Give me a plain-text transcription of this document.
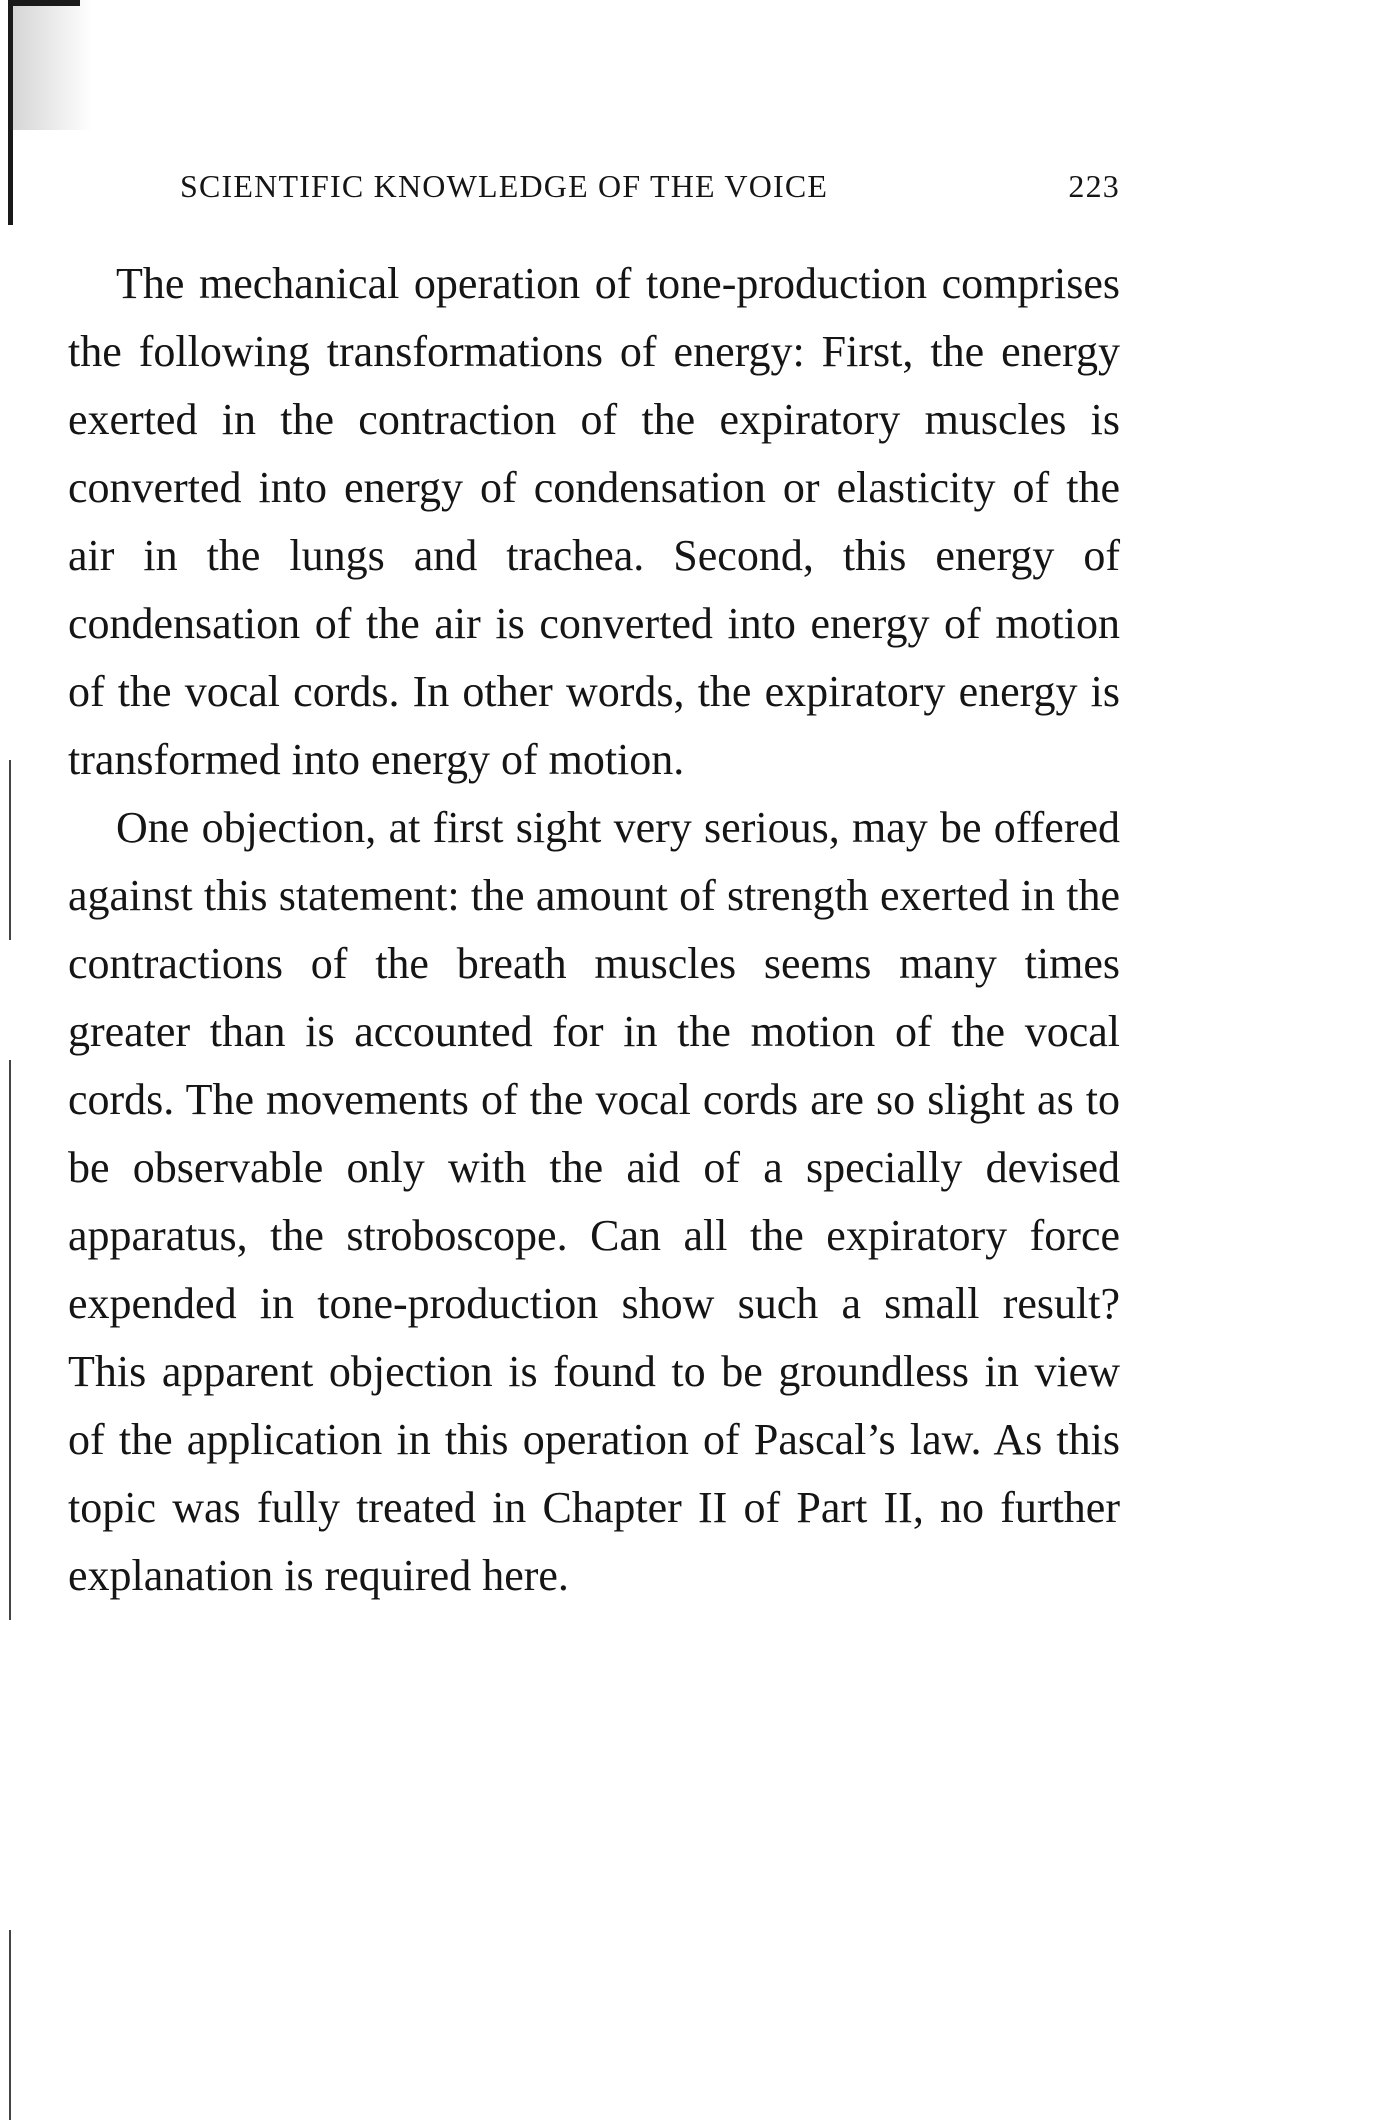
SCIENTIFIC KNOWLEDGE OF THE VOICE	223

The mechanical operation of tone-production comprises the following transformations of energy: First, the energy exerted in the contraction of the expiratory muscles is converted into energy of condensation or elasticity of the air in the lungs and trachea. Second, this energy of condensation of the air is converted into energy of motion of the vocal cords. In other words, the expiratory energy is transformed into energy of motion.

One objection, at first sight very serious, may be offered against this statement: the amount of strength exerted in the contractions of the breath muscles seems many times greater than is accounted for in the motion of the vocal cords. The movements of the vocal cords are so slight as to be observable only with the aid of a specially devised apparatus, the stroboscope. Can all the expiratory force expended in tone-production show such a small result? This apparent objection is found to be groundless in view of the application in this operation of Pascal’s law. As this topic was fully treated in Chapter II of Part II, no further explanation is required here.
